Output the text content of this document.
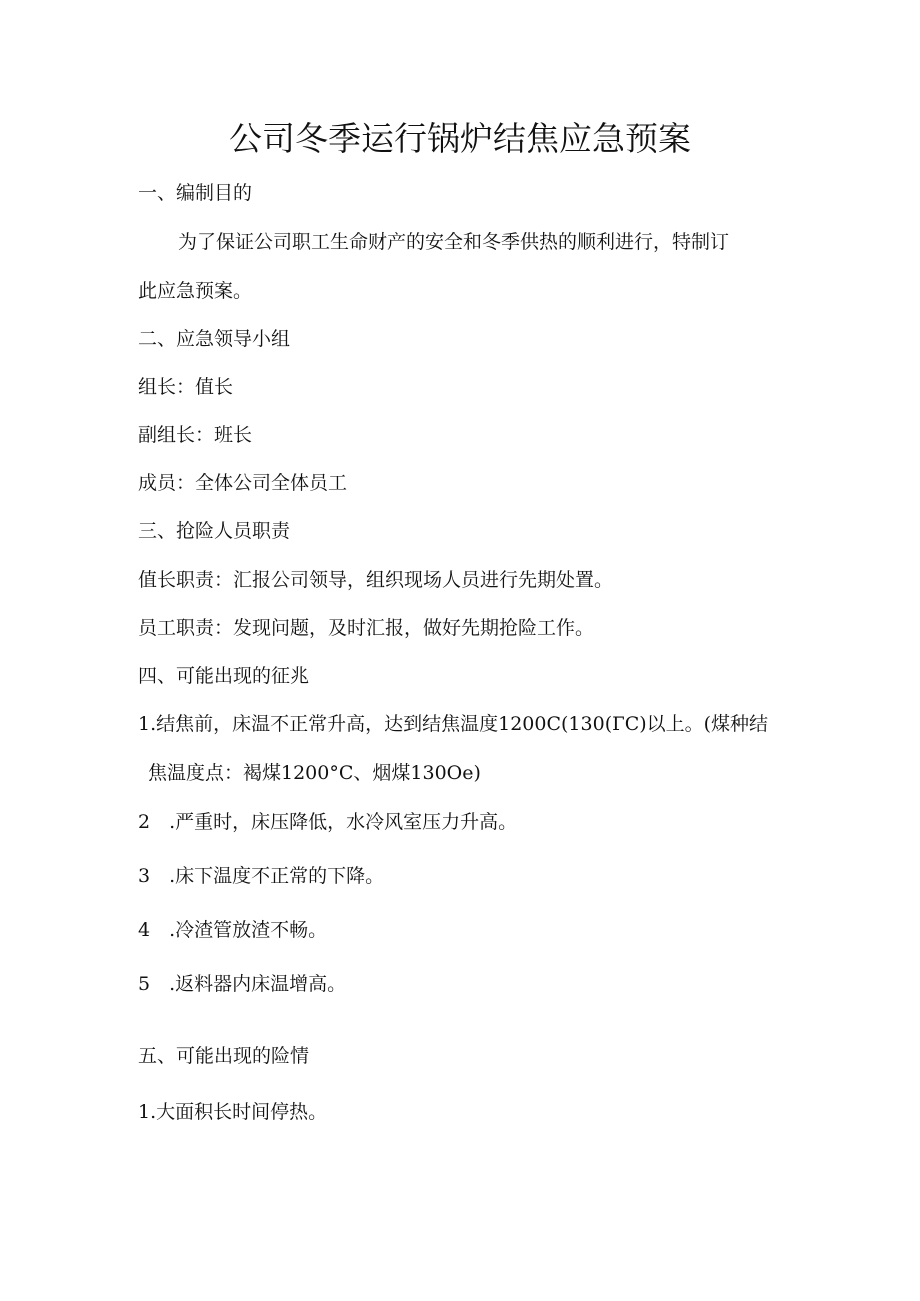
公司冬季运行锅炉结焦应急预案
一、编制目的
为了保证公司职工生命财产的安全和冬季供热的顺利进行，特制订
此应急预案。
二、应急领导小组
组长：值长
副组长：班长
成员：全体公司全体员工
三、抢险人员职责
值长职责：汇报公司领导，组织现场人员进行先期处置。
员工职责：发现问题，及时汇报，做好先期抢险工作。
四、可能出现的征兆
1.结焦前，床温不正常升高，达到结焦温度1200C(130(ГC)以上。(煤种结
焦温度点：褐煤1200°C、烟煤130Oe)
2　.严重时，床压降低，水冷风室压力升高。
3　.床下温度不正常的下降。
4　.冷渣管放渣不畅。
5　.返料器内床温增高。
五、可能出现的险情
1.大面积长时间停热。
